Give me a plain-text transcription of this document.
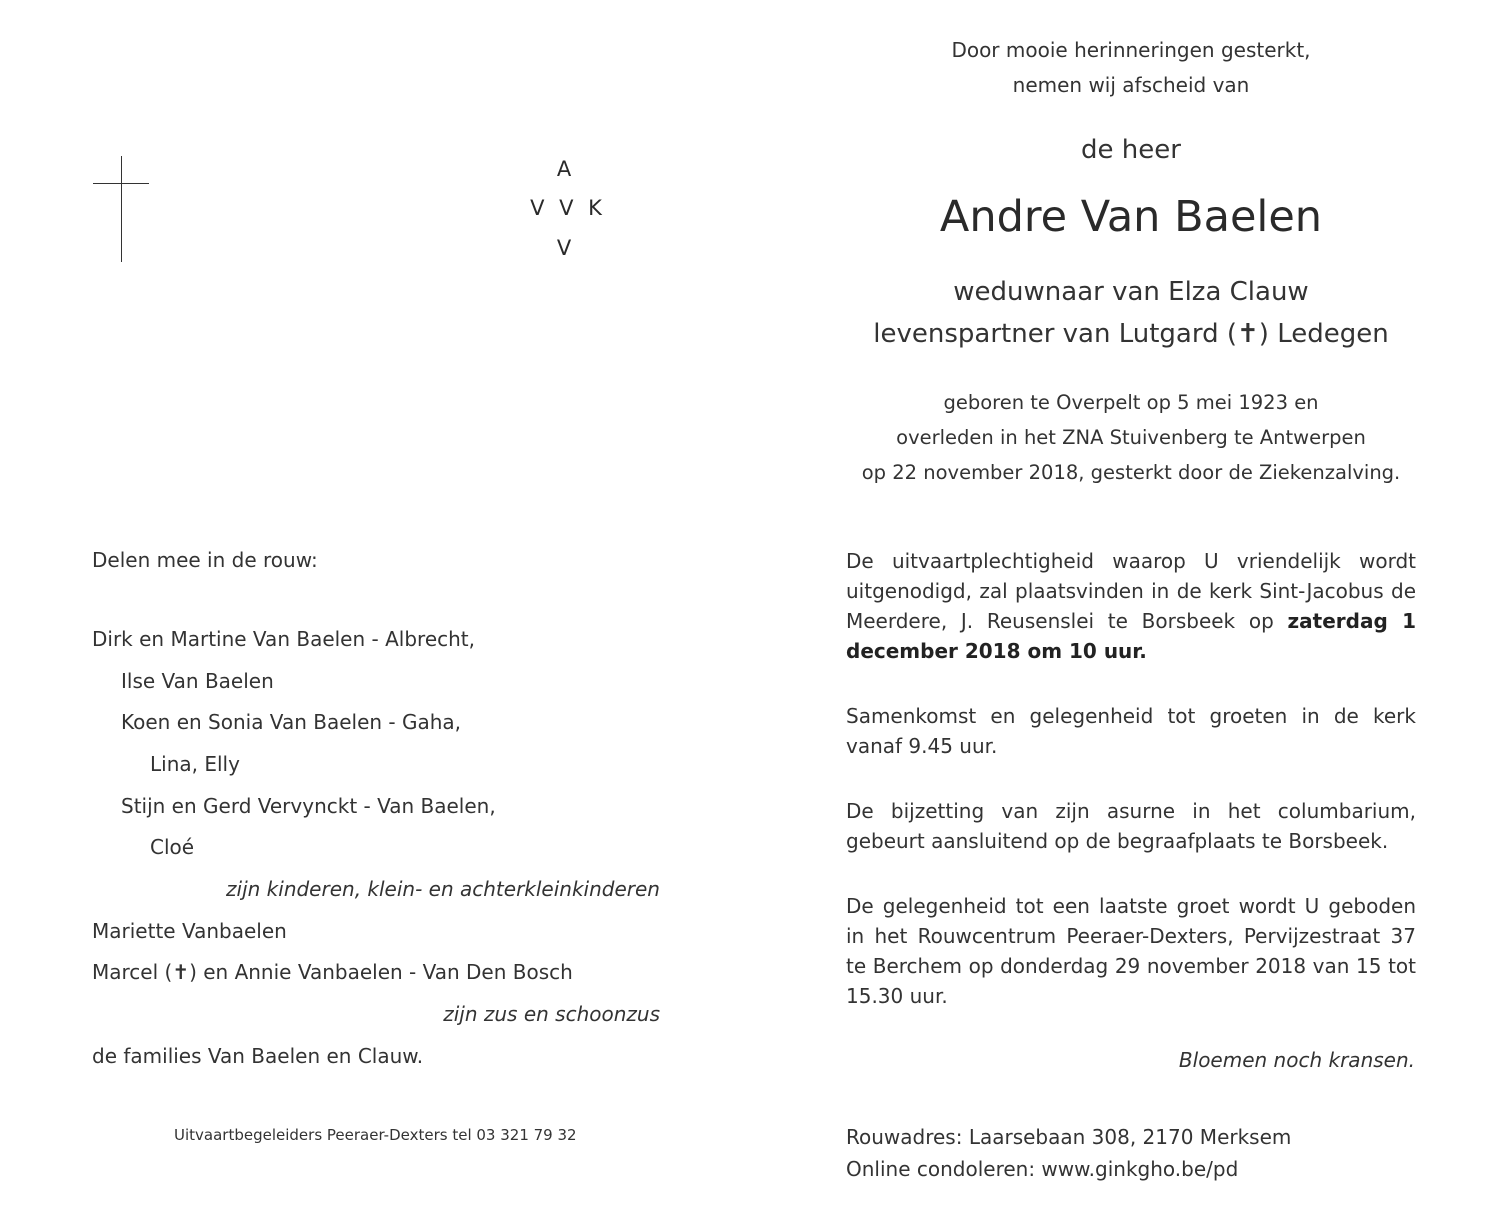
A
V V K
V
Door mooie herinneringen gesterkt,
nemen wij afscheid van
de heer
Andre Van Baelen
weduwnaar van Elza Clauw
levenspartner van Lutgard (✝) Ledegen
geboren te Overpelt op 5 mei 1923 en
overleden in het ZNA Stuivenberg te Antwerpen
op 22 november 2018, gesterkt door de Ziekenzalving.
Delen mee in de rouw:
Dirk en Martine Van Baelen - Albrecht,
Ilse Van Baelen
Koen en Sonia Van Baelen - Gaha,
Lina, Elly
Stijn en Gerd Vervynckt - Van Baelen,
Cloé
zijn kinderen, klein- en achterkleinkinderen
Mariette Vanbaelen
Marcel (✝) en Annie Vanbaelen - Van Den Bosch
zijn zus en schoonzus
de families Van Baelen en Clauw.
Uitvaartbegeleiders Peeraer-Dexters tel 03 321 79 32
De uitvaartplechtigheid waarop U vriendelijk wordt uitgenodigd, zal plaatsvinden in de kerk Sint-Jacobus de Meerdere, J. Reusenslei te Borsbeek op zaterdag 1 december 2018 om 10 uur.
Samenkomst en gelegenheid tot groeten in de kerk vanaf 9.45 uur.
De bijzetting van zijn asurne in het columbarium, gebeurt aansluitend op de begraafplaats te Borsbeek.
De gelegenheid tot een laatste groet wordt U geboden in het Rouwcentrum Peeraer-Dexters, Pervijzestraat 37 te Berchem op donderdag 29 november 2018 van 15 tot 15.30 uur.
Bloemen noch kransen.
Rouwadres: Laarsebaan 308, 2170 Merksem
Online condoleren: www.ginkgho.be/pd
